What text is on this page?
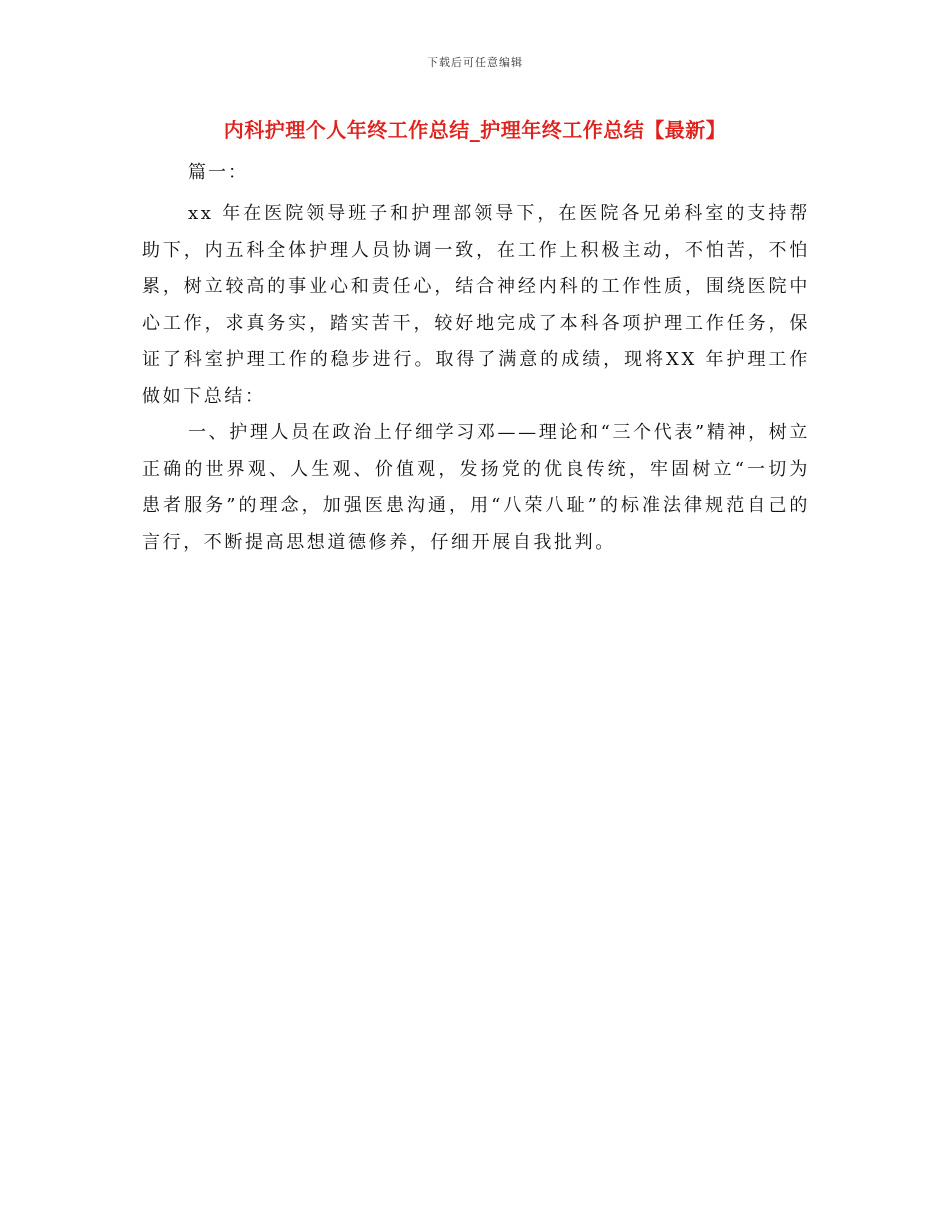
下载后可任意编辑
内科护理个人年终工作总结_护理年终工作总结【最新】

篇一：

xx 年在医院领导班子和护理部领导下，在医院各兄弟科室的支持帮助下，内五科全体护理人员协调一致，在工作上积极主动，不怕苦，不怕累，树立较高的事业心和责任心，结合神经内科的工作性质，围绕医院中心工作，求真务实，踏实苦干，较好地完成了本科各项护理工作任务，保证了科室护理工作的稳步进行。取得了满意的成绩，现将XX 年护理工作做如下总结：

一、护理人员在政治上仔细学习邓——理论和“三个代表”精神，树立正确的世界观、人生观、价值观，发扬党的优良传统，牢固树立“一切为患者服务”的理念，加强医患沟通，用“八荣八耻”的标准法律规范自己的言行，不断提高思想道德修养，仔细开展自我批判。
